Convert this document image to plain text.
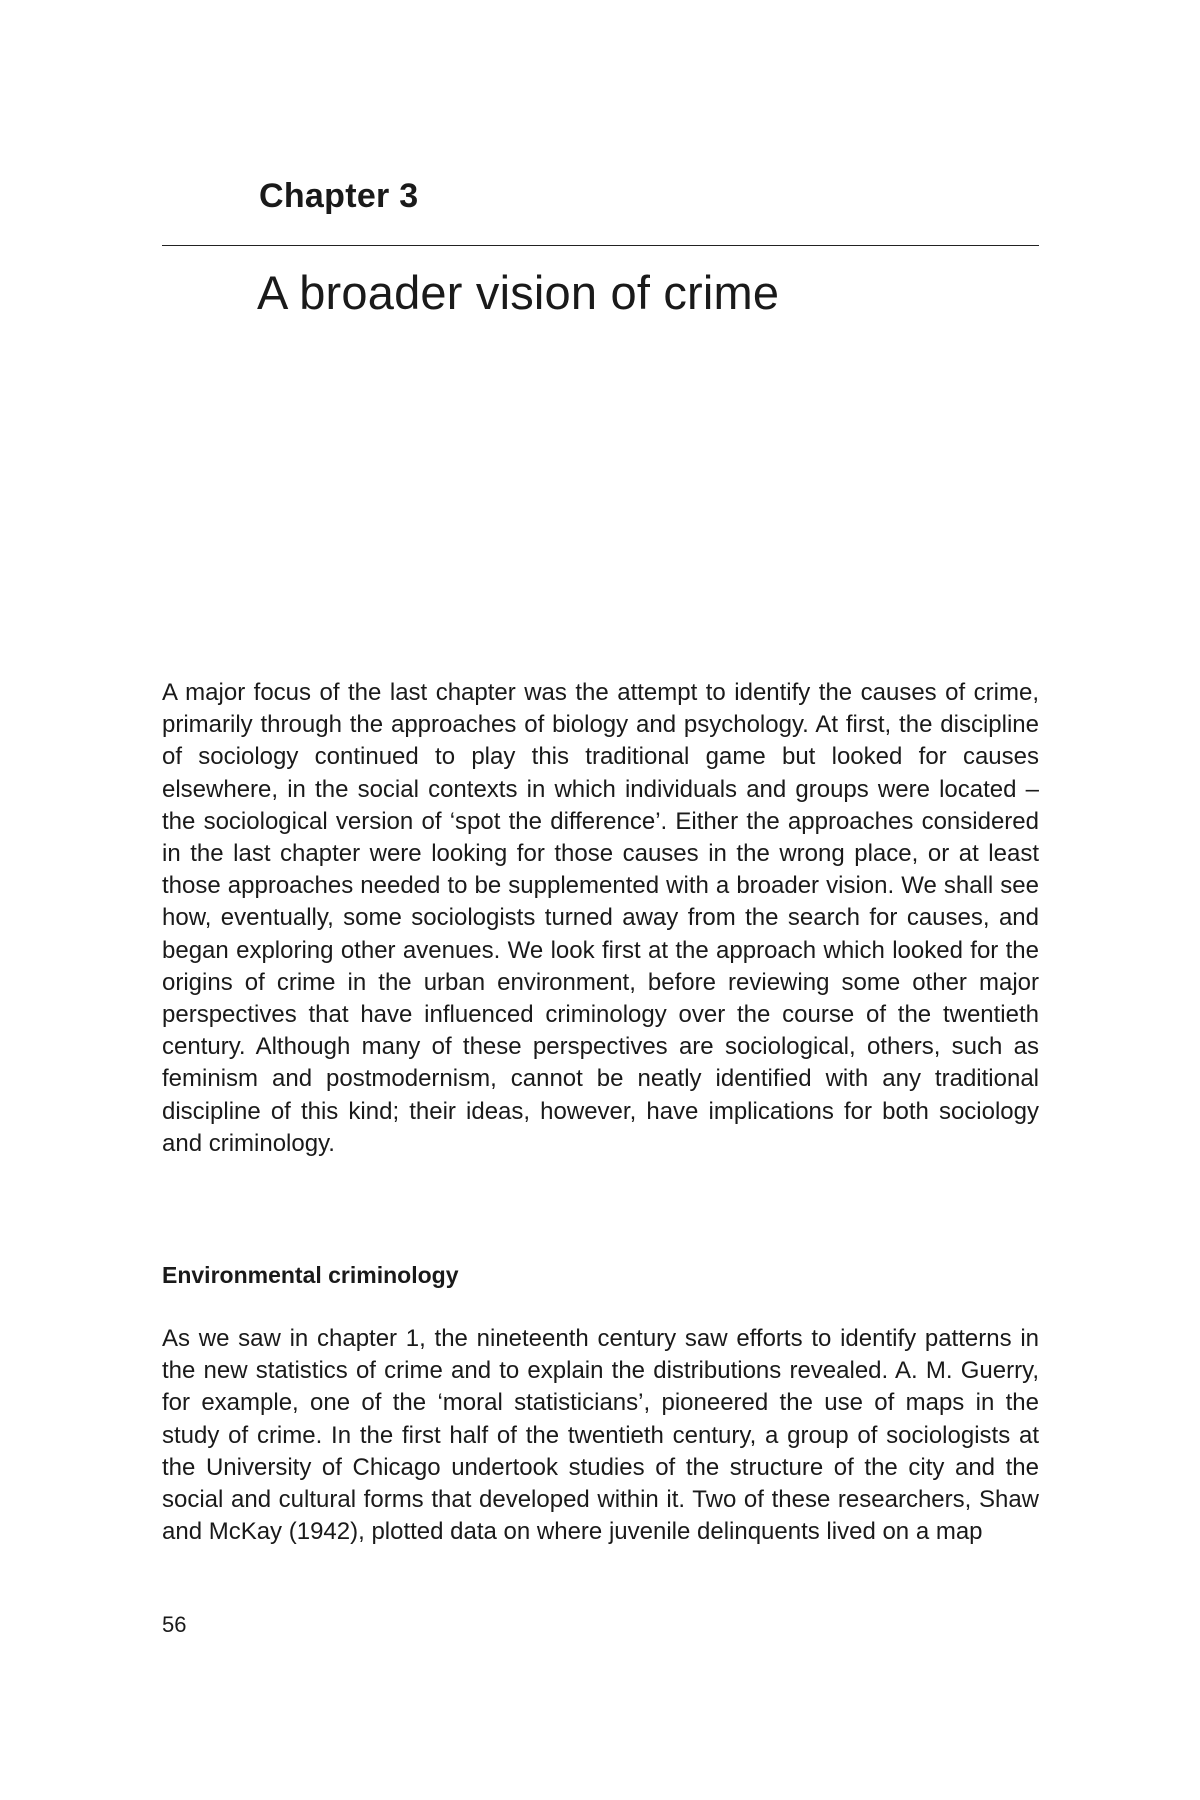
Chapter 3
A broader vision of crime

A major focus of the last chapter was the attempt to identify the causes of crime, primarily through the approaches of biology and psychology. At first, the discipline of sociology continued to play this traditional game but looked for causes elsewhere, in the social contexts in which individuals and groups were located – the sociological version of ‘spot the difference’. Either the approaches considered in the last chapter were looking for those causes in the wrong place, or at least those approaches needed to be supplemented with a broader vision. We shall see how, eventually, some sociologists turned away from the search for causes, and began exploring other avenues. We look first at the approach which looked for the origins of crime in the urban environment, before reviewing some other major perspectives that have influenced criminology over the course of the twentieth century. Although many of these perspectives are sociological, others, such as feminism and postmodernism, cannot be neatly identified with any traditional discipline of this kind; their ideas, however, have implications for both sociology and criminology.

Environmental criminology

As we saw in chapter 1, the nineteenth century saw efforts to identify patterns in the new statistics of crime and to explain the distributions revealed. A. M. Guerry, for example, one of the ‘moral statisticians’, pioneered the use of maps in the study of crime. In the first half of the twentieth century, a group of sociologists at the University of Chicago undertook studies of the structure of the city and the social and cultural forms that developed within it. Two of these researchers, Shaw and McKay (1942), plotted data on where juvenile delinquents lived on a map

56
